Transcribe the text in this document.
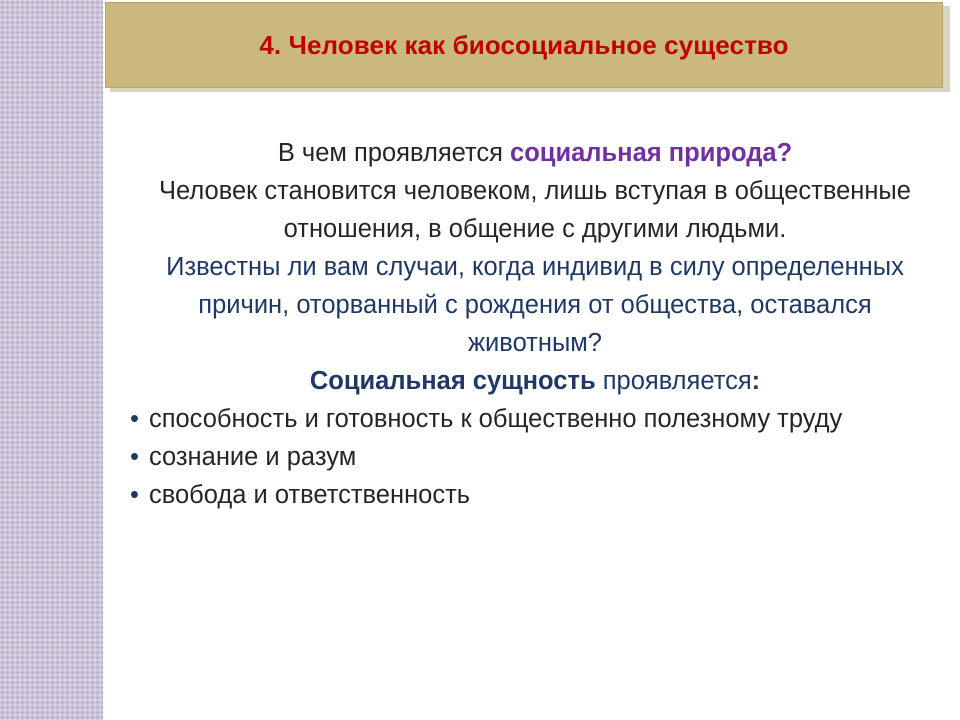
4. Человек как биосоциальное существо
В чем проявляется социальная природа?
Человек становится человеком, лишь вступая в общественные отношения, в общение с другими людьми.
Известны ли вам случаи, когда индивид в силу определенных причин, оторванный с рождения от общества, оставался животным?
Социальная сущность проявляется:
• способность и готовность к общественно полезному труду
• сознание и разум
• свобода и ответственность
